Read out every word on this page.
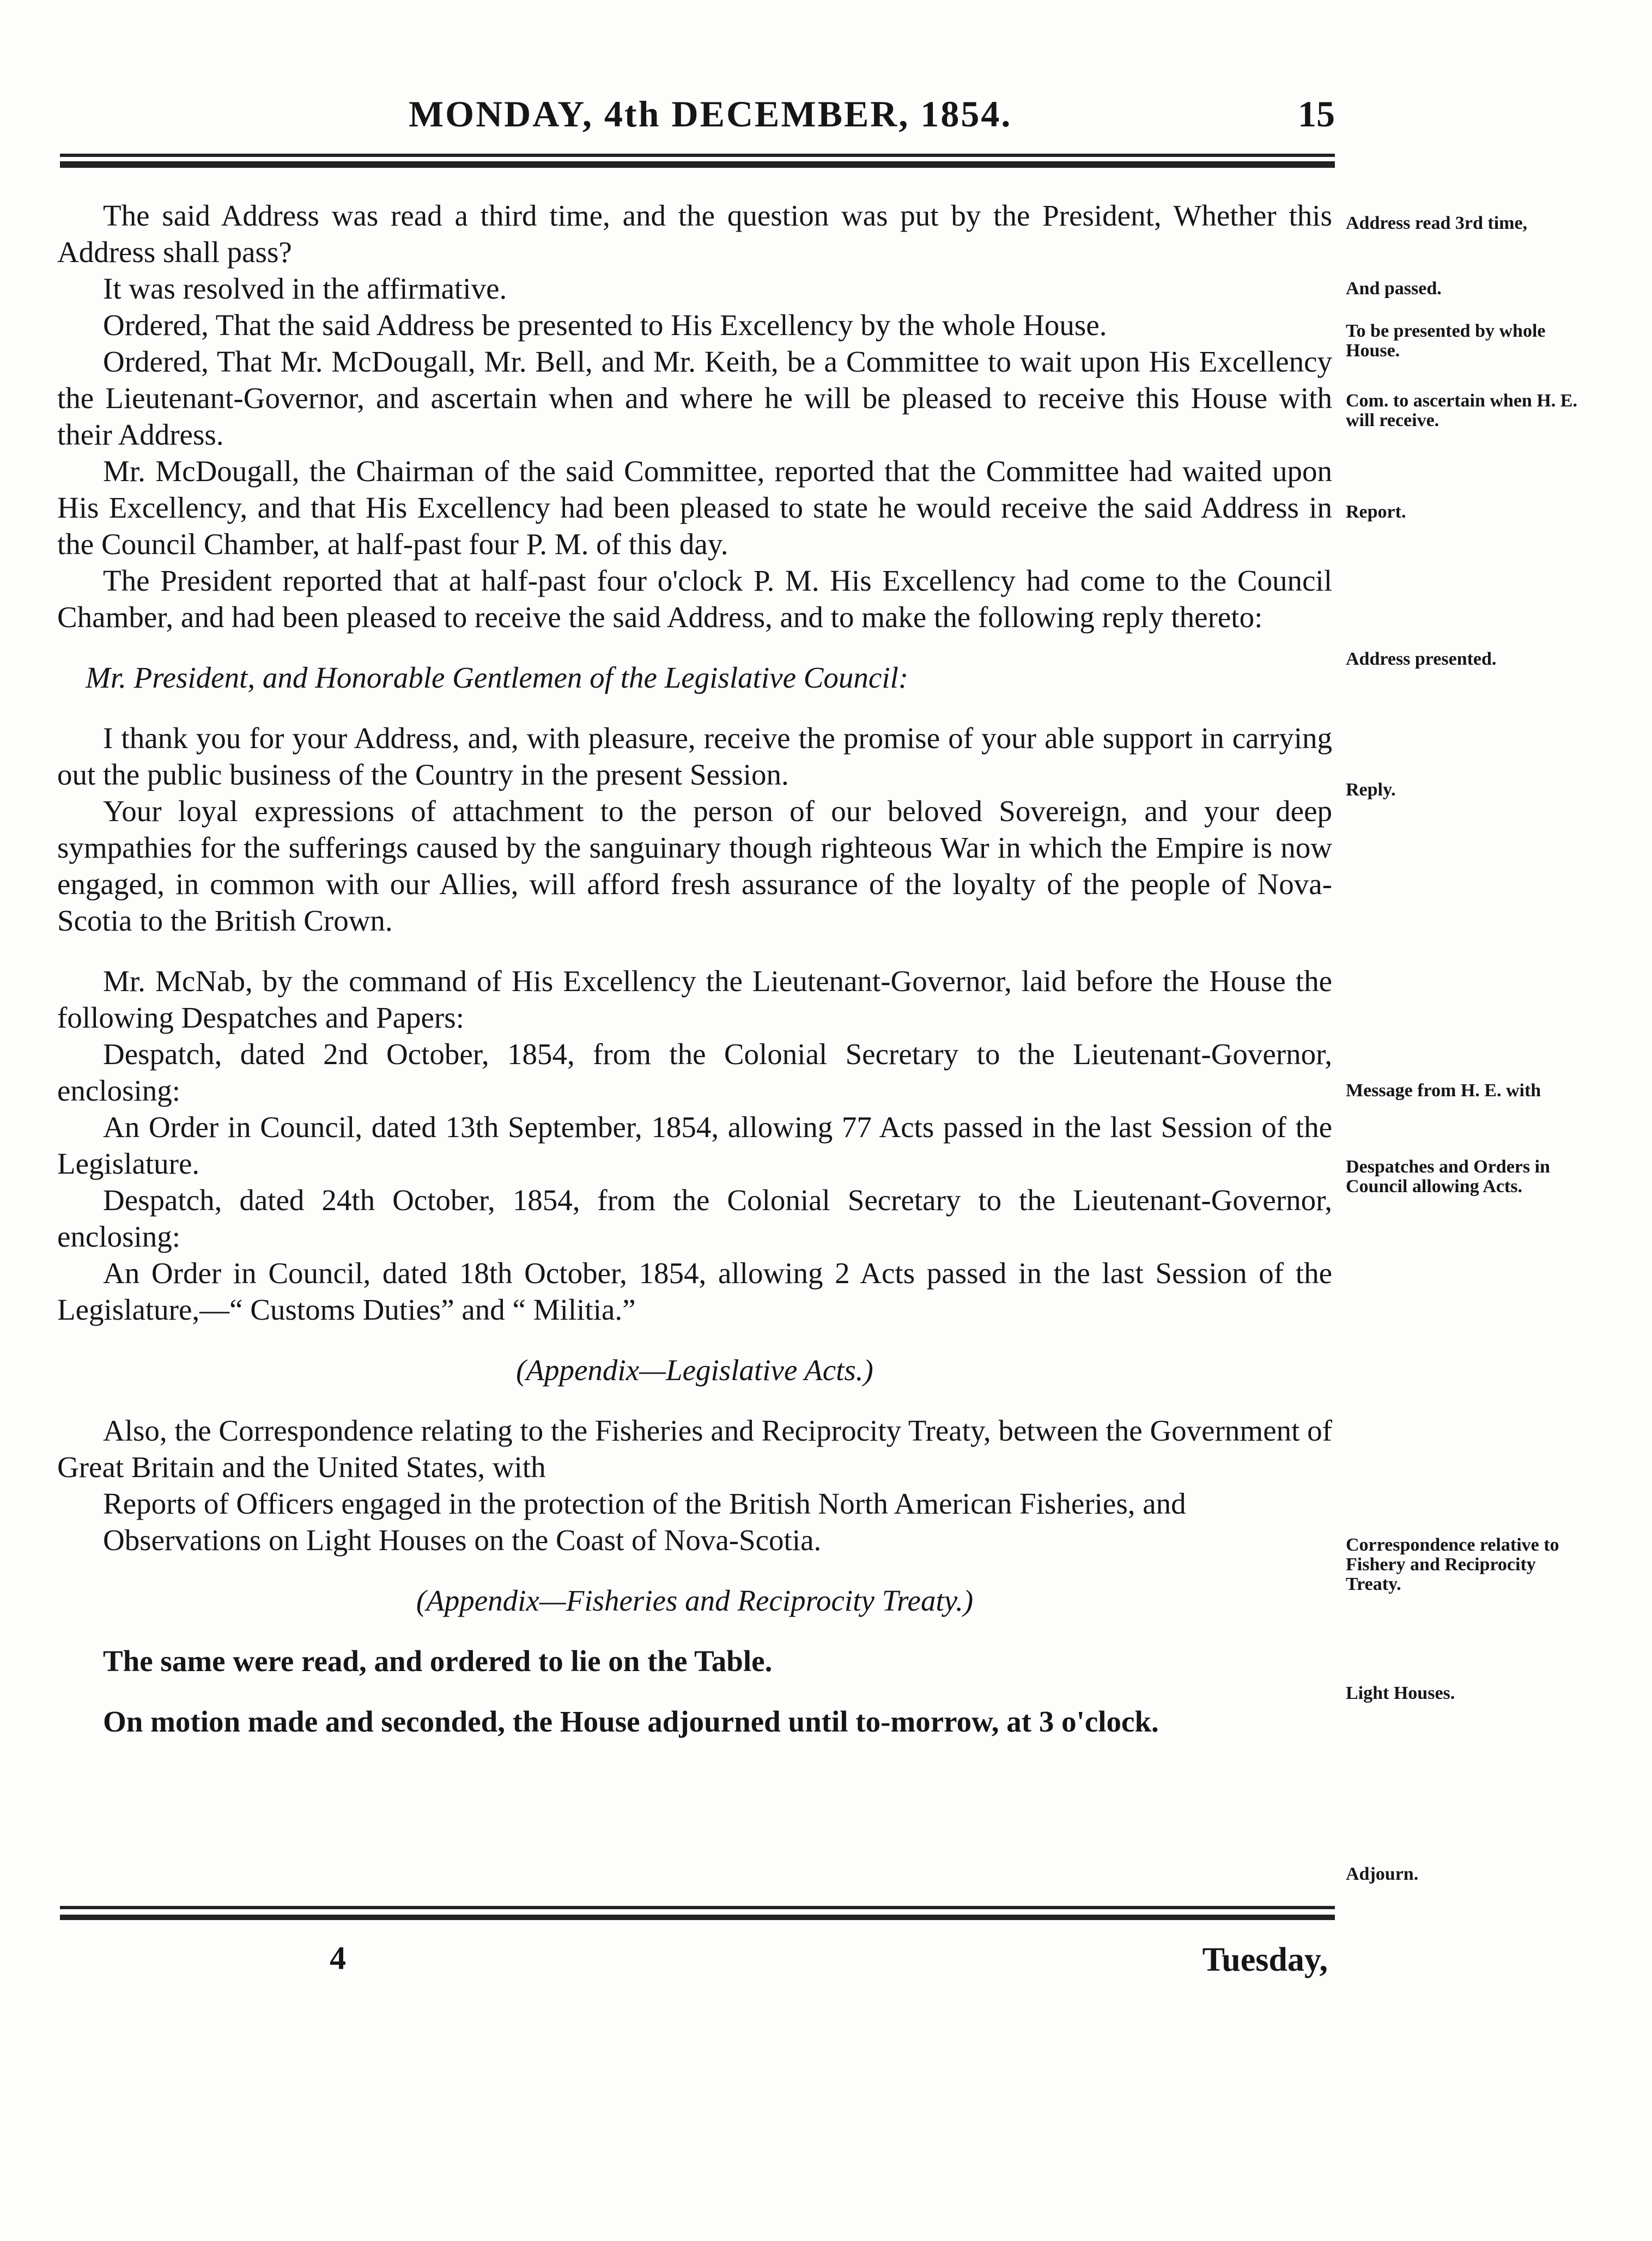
MONDAY, 4th DECEMBER, 1854.	15

The said Address was read a third time, and the question was put by the President, Whether this Address shall pass?

It was resolved in the affirmative.

Ordered, That the said Address be presented to His Excellency by the whole House.

Ordered, That Mr. McDougall, Mr. Bell, and Mr. Keith, be a Committee to wait upon His Excellency the Lieutenant-Governor, and ascertain when and where he will be pleased to receive this House with their Address.

Mr. McDougall, the Chairman of the said Committee, reported that the Committee had waited upon His Excellency, and that His Excellency had been pleased to state he would receive the said Address in the Council Chamber, at half-past four P. M. of this day.

The President reported that at half-past four o'clock P. M. His Excellency had come to the Council Chamber, and had been pleased to receive the said Address, and to make the following reply thereto:

Mr. President, and Honorable Gentlemen of the Legislative Council:

I thank you for your Address, and, with pleasure, receive the promise of your able support in carrying out the public business of the Country in the present Session.

Your loyal expressions of attachment to the person of our beloved Sovereign, and your deep sympathies for the sufferings caused by the sanguinary though righteous War in which the Empire is now engaged, in common with our Allies, will afford fresh assurance of the loyalty of the people of Nova-Scotia to the British Crown.

Mr. McNab, by the command of His Excellency the Lieutenant-Governor, laid before the House the following Despatches and Papers:

Despatch, dated 2nd October, 1854, from the Colonial Secretary to the Lieutenant-Governor, enclosing:

An Order in Council, dated 13th September, 1854, allowing 77 Acts passed in the last Session of the Legislature.

Despatch, dated 24th October, 1854, from the Colonial Secretary to the Lieutenant-Governor, enclosing:

An Order in Council, dated 18th October, 1854, allowing 2 Acts passed in the last Session of the Legislature,—“ Customs Duties” and “ Militia.”

(Appendix—Legislative Acts.)

Also, the Correspondence relating to the Fisheries and Reciprocity Treaty, between the Government of Great Britain and the United States, with

Reports of Officers engaged in the protection of the British North American Fisheries, and

Observations on Light Houses on the Coast of Nova-Scotia.

(Appendix—Fisheries and Reciprocity Treaty.)

The same were read, and ordered to lie on the Table.

On motion made and seconded, the House adjourned until to-morrow, at 3 o'clock.

Address read 3rd time,
And passed.
To be presented by whole House.
Com. to ascertain when H. E. will receive.
Report.
Address presented.
Reply.
Message from H. E. with
Despatches and Orders in Council allowing Acts.
Correspondence relative to Fishery and Reciprocity Treaty.
Light Houses.
Adjourn.
4	Tuesday,
